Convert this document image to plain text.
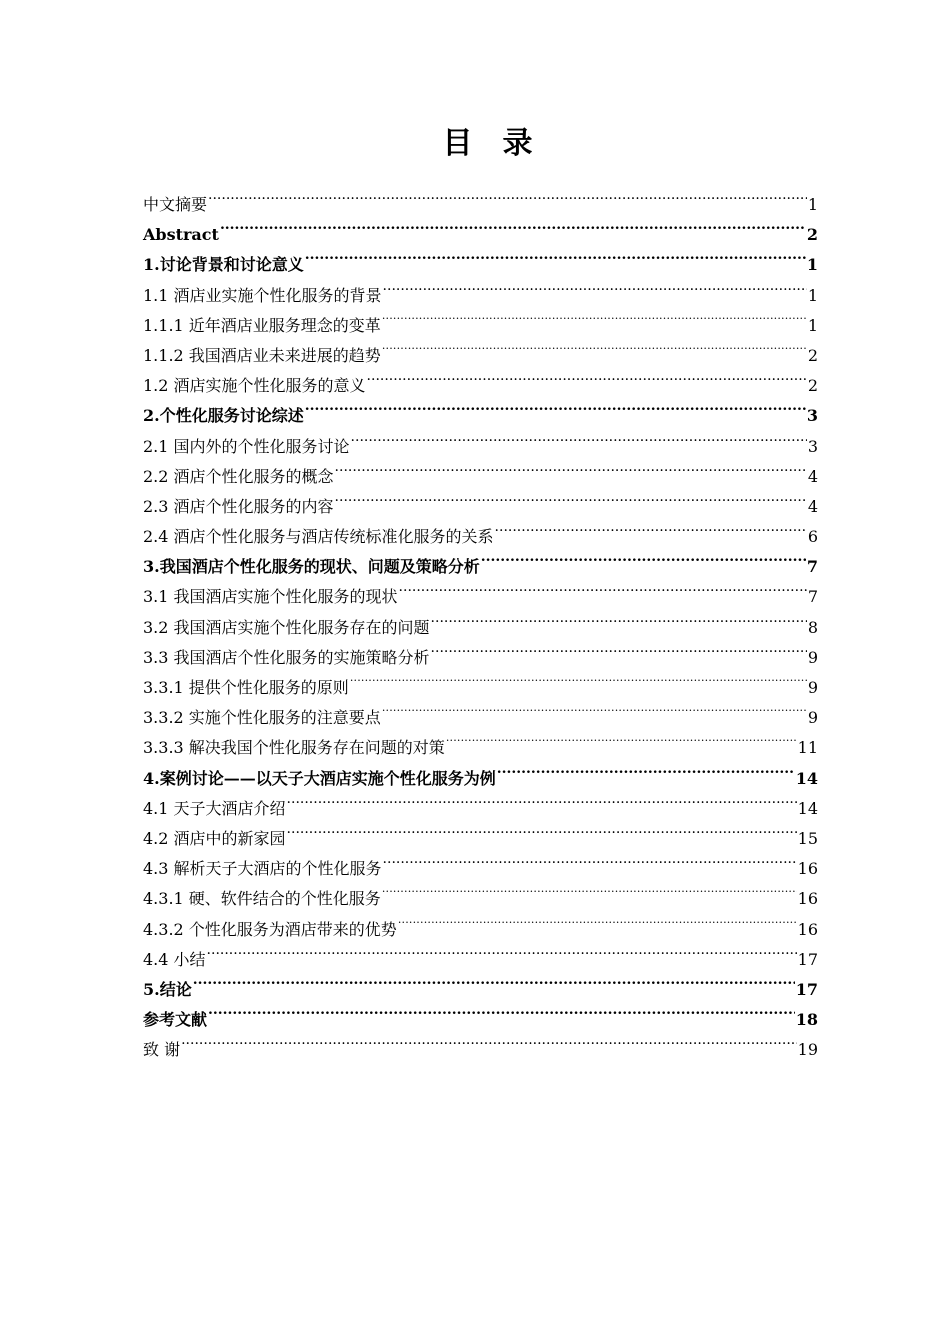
目　录
中文摘要 .....	1
Abstract .....	2
1.讨论背景和讨论意义 .....	1
1.1 酒店业实施个性化服务的背景 .....	1
1.1.1 近年酒店业服务理念的变革 .....	1
1.1.2 我国酒店业未来进展的趋势 .....	2
1.2 酒店实施个性化服务的意义 .....	2
2.个性化服务讨论综述 .....	3
2.1 国内外的个性化服务讨论 .....	3
2.2 酒店个性化服务的概念 .....	4
2.3 酒店个性化服务的内容 .....	4
2.4 酒店个性化服务与酒店传统标准化服务的关系 .....	6
3.我国酒店个性化服务的现状、问题及策略分析 .....	7
3.1 我国酒店实施个性化服务的现状 .....	7
3.2 我国酒店实施个性化服务存在的问题 .....	8
3.3 我国酒店个性化服务的实施策略分析 .....	9
3.3.1 提供个性化服务的原则 .....	9
3.3.2 实施个性化服务的注意要点 .....	9
3.3.3 解决我国个性化服务存在问题的对策 .....	11
4.案例讨论——以天子大酒店实施个性化服务为例 .....	14
4.1 天子大酒店介绍 .....	14
4.2 酒店中的新家园 .....	15
4.3 解析天子大酒店的个性化服务 .....	16
4.3.1 硬、软件结合的个性化服务 .....	16
4.3.2 个性化服务为酒店带来的优势 .....	16
4.4 小结 .....	17
5.结论 .....	17
参考文献 .....	18
致 谢 .....	19
